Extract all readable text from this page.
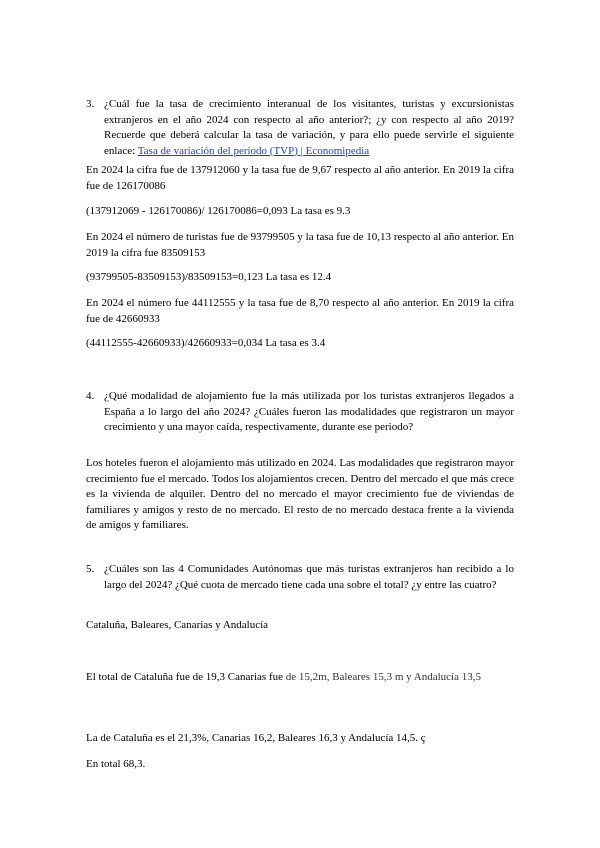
3. ¿Cuál fue la tasa de crecimiento interanual de los visitantes, turistas y excursionistas extranjeros en el año 2024 con respecto al año anterior?; ¿y con respecto al año 2019? Recuerde que deberá calcular la tasa de variación, y para ello puede servirle el siguiente enlace: Tasa de variación del periodo (TVP) | Economipedia

En 2024 la cifra fue de 137912060 y la tasa fue de 9,67 respecto al año anterior. En 2019 la cifra fue de 126170086

(137912069 - 126170086)/ 126170086=0,093 La tasa es 9.3

En 2024 el número de turistas fue de 93799505 y la tasa fue de 10,13 respecto al año anterior. En 2019 la cifra fue 83509153

(93799505-83509153)/83509153=0,123 La tasa es 12.4

En 2024 el número fue 44112555 y la tasa fue de 8,70 respecto al año anterior. En 2019 la cifra fue de 42660933

(44112555-42660933)/42660933=0,034 La tasa es 3.4

4. ¿Qué modalidad de alojamiento fue la más utilizada por los turistas extranjeros llegados a España a lo largo del año 2024? ¿Cuáles fueron las modalidades que registraron un mayor crecimiento y una mayor caída, respectivamente, durante ese periodo?

Los hoteles fueron el alojamiento más utilizado en 2024. Las modalidades que registraron mayor crecimiento fue el mercado. Todos los alojamientos crecen. Dentro del mercado el que más crece es la vivienda de alquiler. Dentro del no mercado el mayor crecimiento fue de viviendas de familiares y amigos y resto de no mercado. El resto de no mercado destaca frente a la vivienda de amigos y familiares.

5. ¿Cuáles son las 4 Comunidades Autónomas que más turistas extranjeros han recibido a lo largo del 2024? ¿Qué cuota de mercado tiene cada una sobre el total? ¿y entre las cuatro?

Cataluña, Baleares, Canarias y Andalucía

El total de Cataluña fue de 19,3 Canarias fue de 15,2m, Baleares 15,3 m y Andalucía 13,5

La de Cataluña es el 21,3%, Canarias 16,2, Baleares 16,3 y Andalucía 14,5. ç

En total 68,3.
